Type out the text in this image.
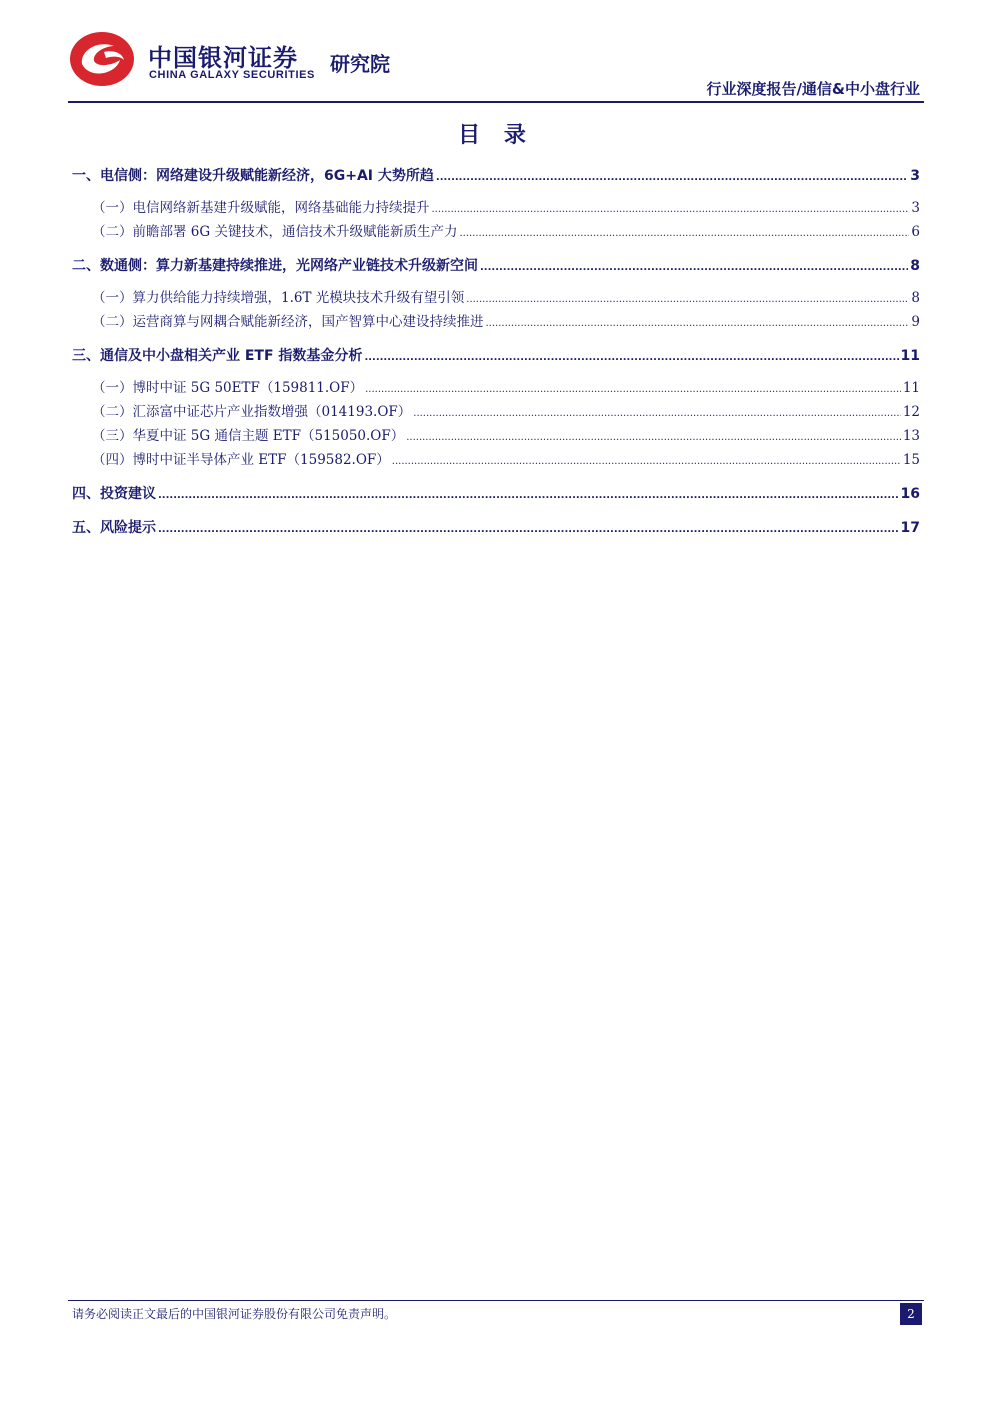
中国银河证券
CHINA GALAXY SECURITIES 研究院
行业深度报告/通信&中小盘行业
目 录
一、电信侧：网络建设升级赋能新经济，6G+AI 大势所趋 .....	3
（一）电信网络新基建升级赋能，网络基础能力持续提升 .....	3
（二）前瞻部署 6G 关键技术，通信技术升级赋能新质生产力 .....	6
二、数通侧：算力新基建持续推进，光网络产业链技术升级新空间 .....	8
（一）算力供给能力持续增强，1.6T 光模块技术升级有望引领 .....	8
（二）运营商算与网耦合赋能新经济，国产智算中心建设持续推进 .....	9
三、通信及中小盘相关产业 ETF 指数基金分析 .....	11
（一）博时中证 5G 50ETF（159811.OF） .....	11
（二）汇添富中证芯片产业指数增强（014193.OF） .....	12
（三）华夏中证 5G 通信主题 ETF（515050.OF） .....	13
（四）博时中证半导体产业 ETF（159582.OF） .....	15
四、投资建议 .....	16
五、风险提示 .....	17
请务必阅读正文最后的中国银河证券股份有限公司免责声明。	2
